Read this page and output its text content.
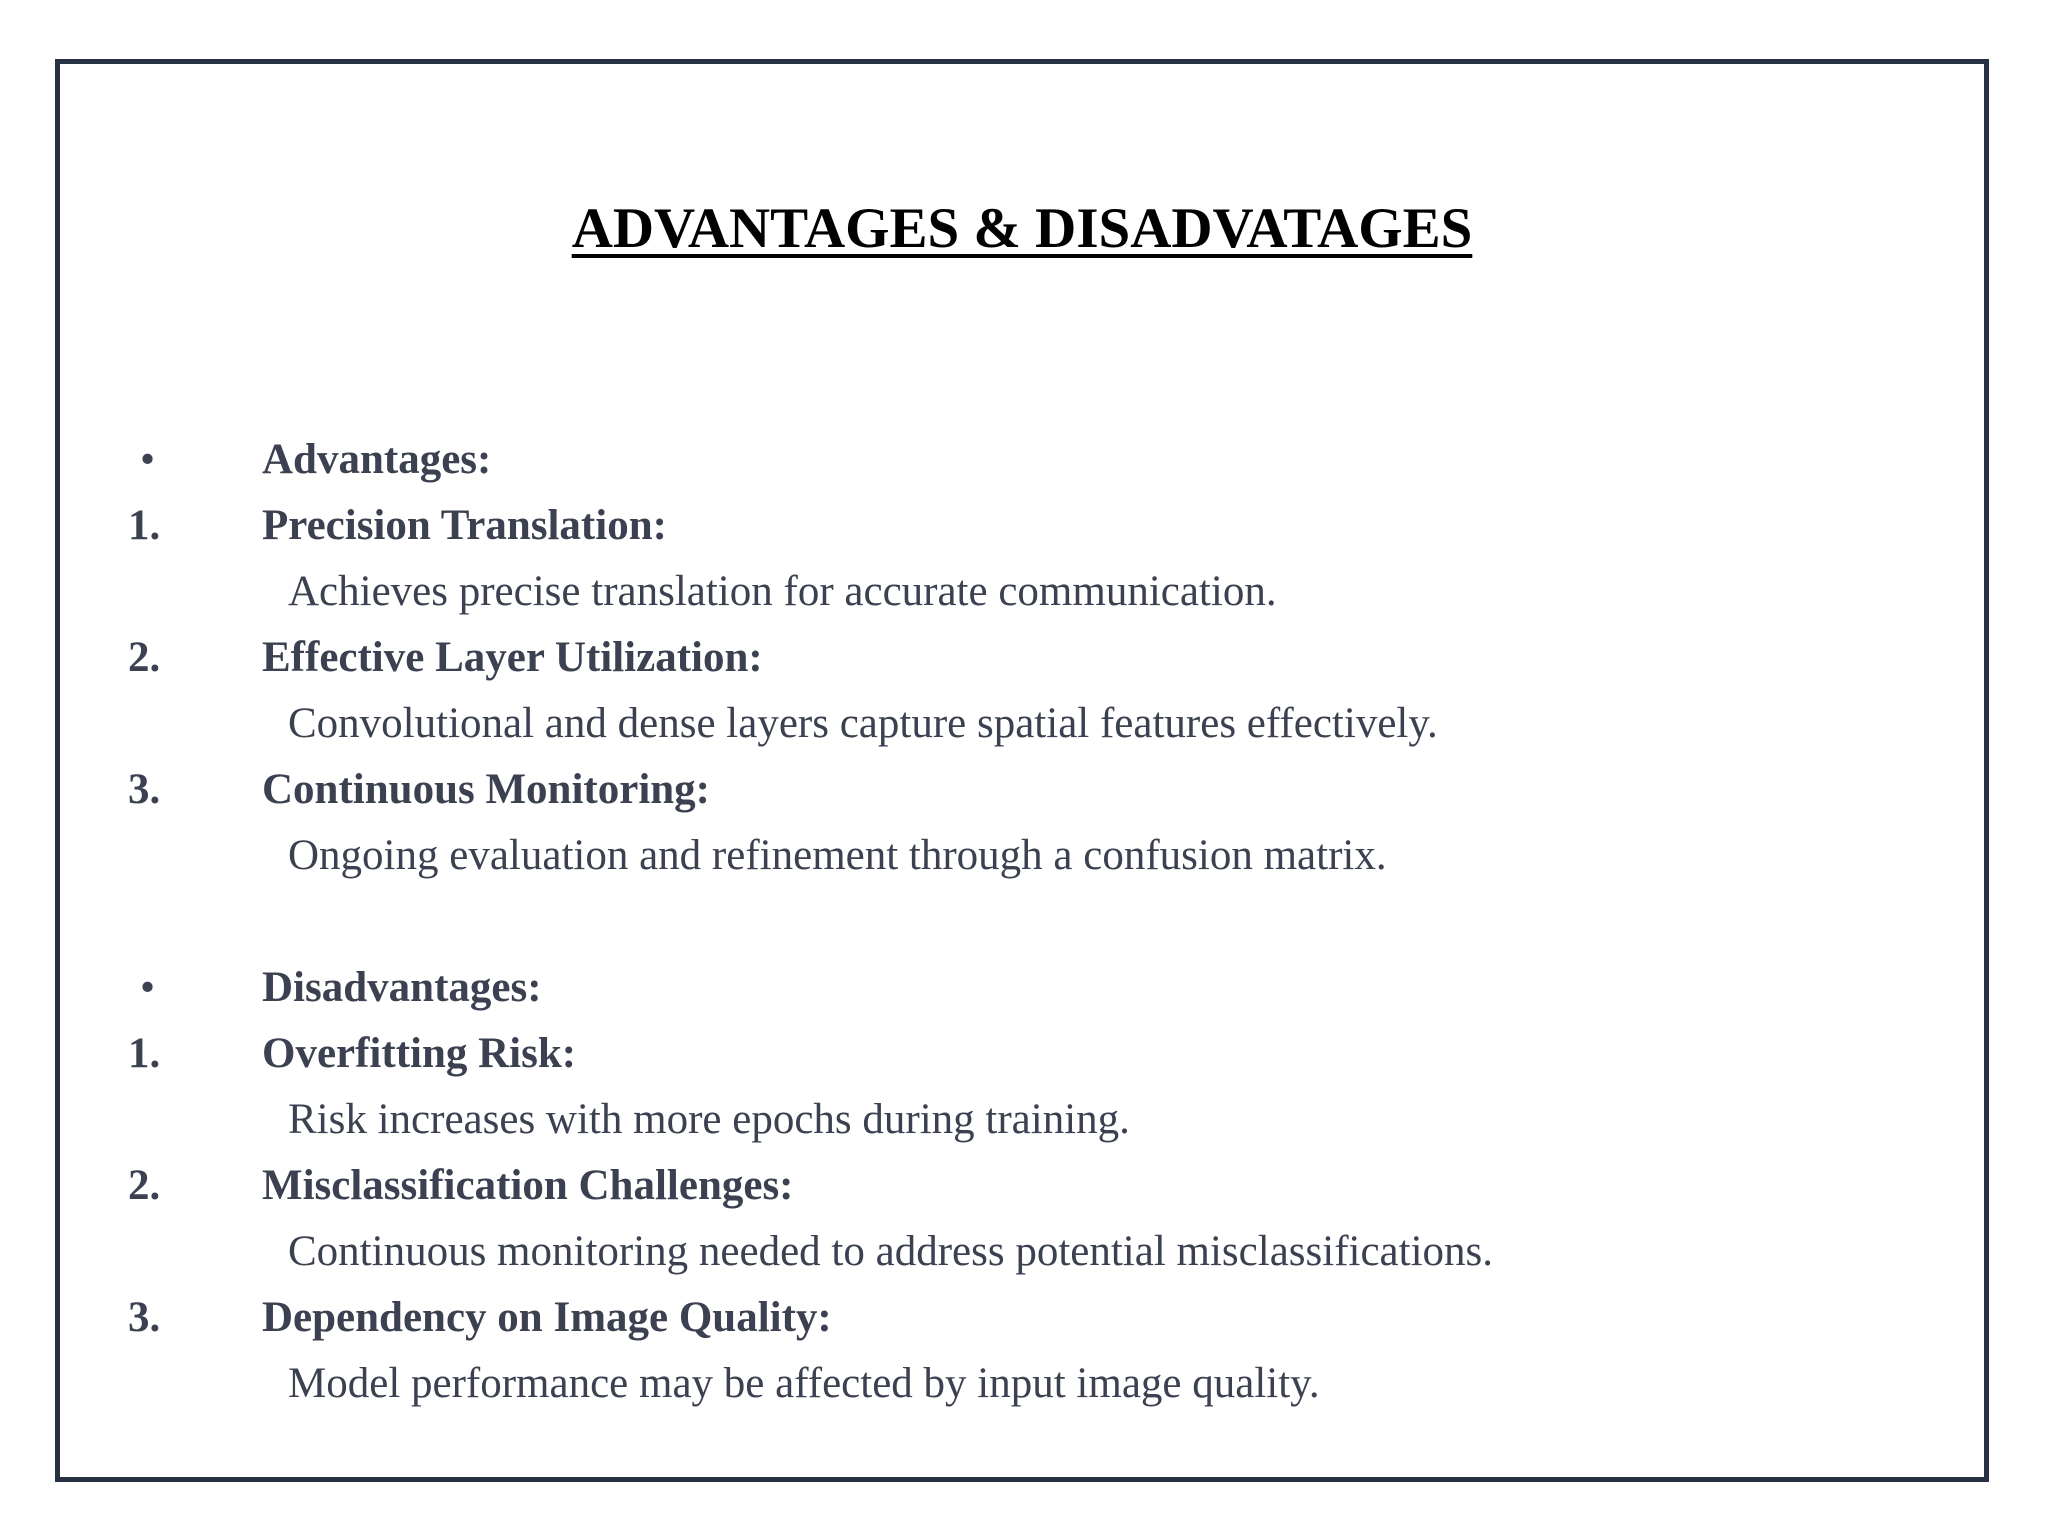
ADVANTAGES & DISADVATAGES
• Advantages:
1. Precision Translation:
Achieves precise translation for accurate communication.
2. Effective Layer Utilization:
Convolutional and dense layers capture spatial features effectively.
3. Continuous Monitoring:
Ongoing evaluation and refinement through a confusion matrix.
• Disadvantages:
1. Overfitting Risk:
Risk increases with more epochs during training.
2. Misclassification Challenges:
Continuous monitoring needed to address potential misclassifications.
3. Dependency on Image Quality:
Model performance may be affected by input image quality.
